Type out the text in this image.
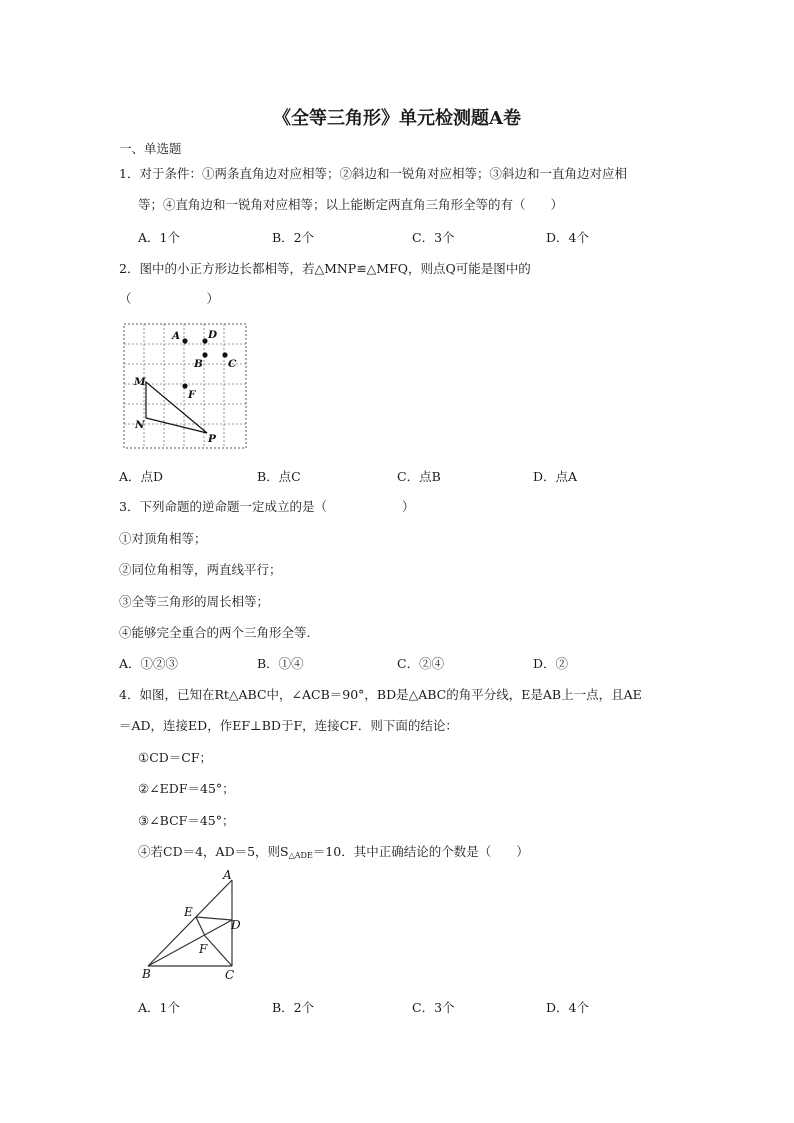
《全等三角形》单元检测题A卷
一、单选题
1．对于条件：①两条直角边对应相等；②斜边和一锐角对应相等；③斜边和一直角边对应相
等；④直角边和一锐角对应相等；以上能断定两直角三角形全等的有（　　）
A．1个	B．2个	C．3个	D．4个
2．图中的小正方形边长都相等，若△MNP≌△MFQ，则点Q可能是图中的
（　　　　　　）
A	D
B C
M
F
N
P
A．点D	B．点C	C．点B	D．点A
3．下列命题的逆命题一定成立的是（　　　　　　）
①对顶角相等；
②同位角相等，两直线平行；
③全等三角形的周长相等；
④能够完全重合的两个三角形全等.
A．①②③	B．①④	C．②④	D．②
4．如图，已知在Rt△ABC中，∠ACB＝90°，BD是△ABC的角平分线，E是AB上一点，且AE
＝AD，连接ED，作EF⊥BD于F，连接CF．则下面的结论：
①CD＝CF；
②∠EDF＝45°；
③∠BCF＝45°；
④若CD＝4，AD＝5，则S△ADE＝10．其中正确结论的个数是（　　）
A
E
D
F
B	C
A．1个	B．2个	C．3个	D．4个
